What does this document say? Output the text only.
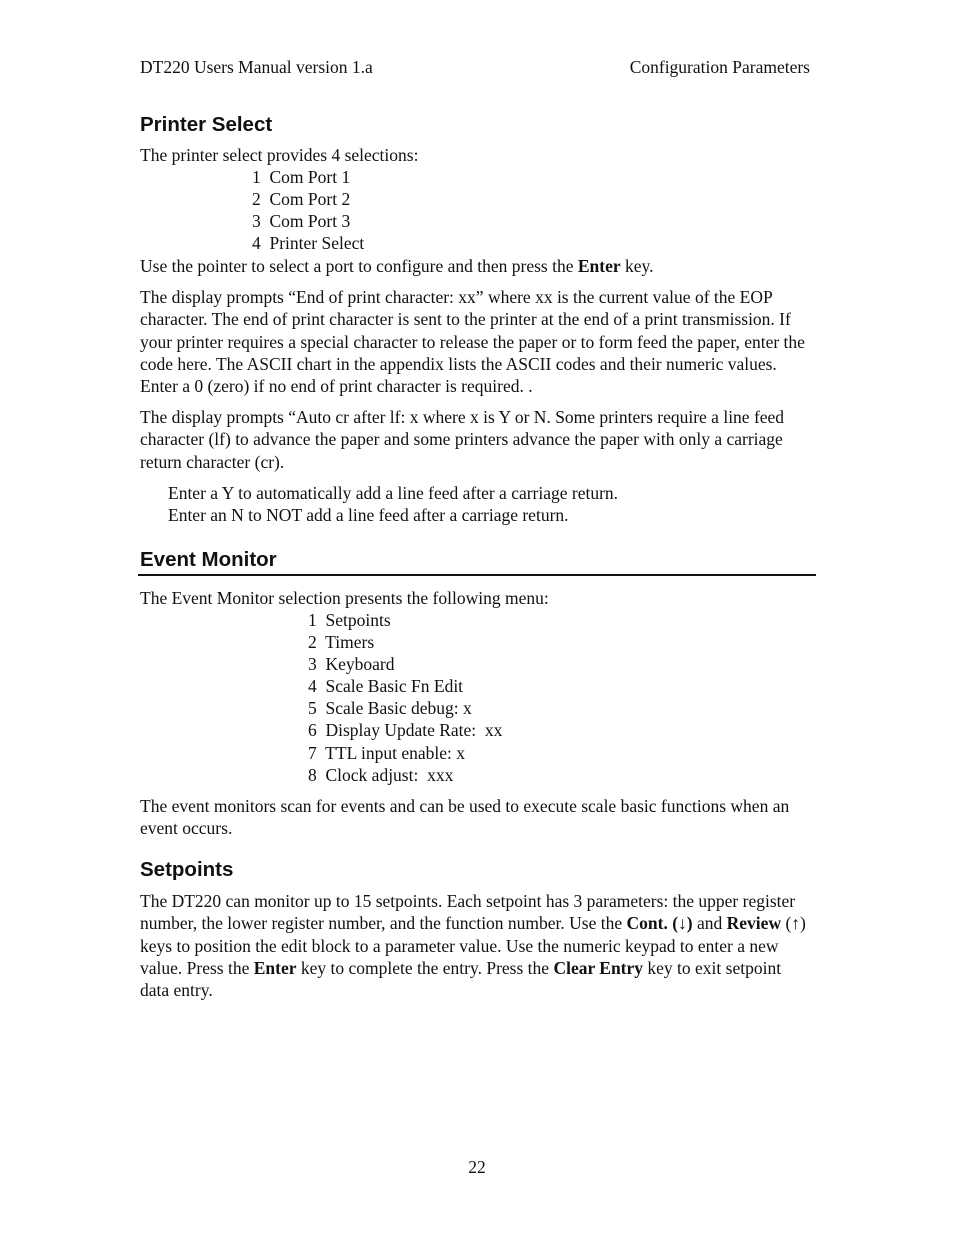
DT220 Users Manual version 1.a	Configuration Parameters
Printer Select

The printer select provides 4 selections:

1  Com Port 1
2  Com Port 2
3  Com Port 3
4  Printer Select

Use the pointer to select a port to configure and then press the Enter key.

The display prompts “End of print character: xx” where xx is the current value of the EOP character. The end of print character is sent to the printer at the end of a print transmission. If your printer requires a special character to release the paper or to form feed the paper, enter the code here. The ASCII chart in the appendix lists the ASCII codes and their numeric values. Enter a 0 (zero) if no end of print character is required. .

The display prompts “Auto cr after lf: x where x is Y or N. Some printers require a line feed character (lf) to advance the paper and some printers advance the paper with only a carriage return character (cr).

Enter a Y to automatically add a line feed after a carriage return.

Enter an N to NOT add a line feed after a carriage return.

Event Monitor

The Event Monitor selection presents the following menu:

1  Setpoints
2  Timers
3  Keyboard
4  Scale Basic Fn Edit
5  Scale Basic debug: x
6  Display Update Rate:  xx
7  TTL input enable: x
8  Clock adjust:  xxx

The event monitors scan for events and can be used to execute scale basic functions when an event occurs.

Setpoints

The DT220 can monitor up to 15 setpoints. Each setpoint has 3 parameters: the upper register number, the lower register number, and the function number. Use the Cont. (↓) and Review (↑) keys to position the edit block to a parameter value. Use the numeric keypad to enter a new value. Press the Enter key to complete the entry. Press the Clear Entry key to exit setpoint data entry.

22
